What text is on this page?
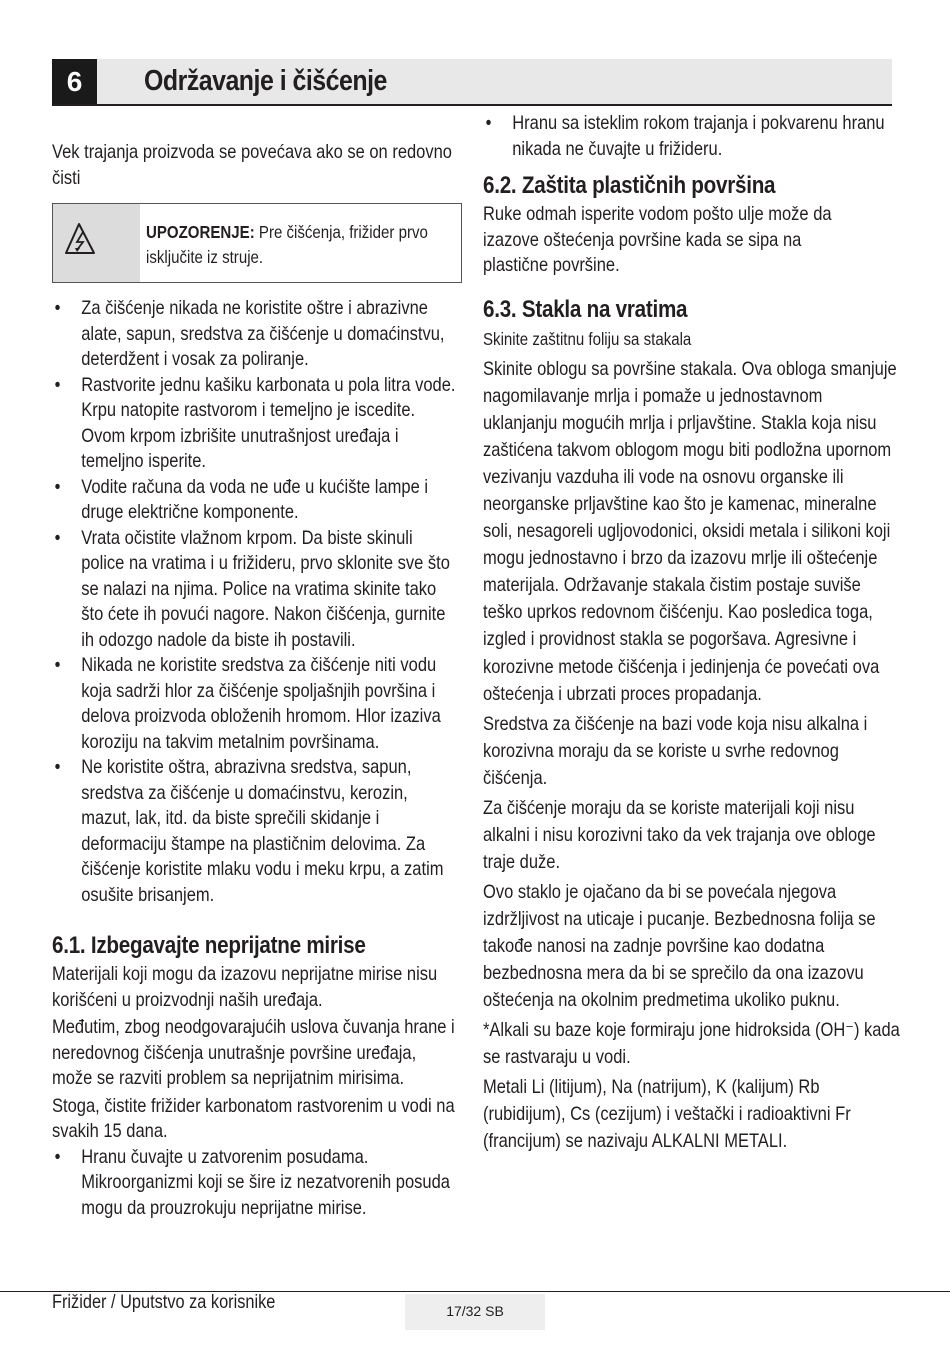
6	Održavanje i čišćenje
Vek trajanja proizvoda se povećava ako se on redovno čisti
UPOZORENJE: Pre čišćenja, frižider prvo isključite iz struje.
• Za čišćenje nikada ne koristite oštre i abrazivne alate, sapun, sredstva za čišćenje u domaćinstvu, deterdžent i vosak za poliranje.
• Rastvorite jednu kašiku karbonata u pola litra vode. Krpu natopite rastvorom i temeljno je iscedite. Ovom krpom izbrišite unutrašnjost uređaja i temeljno isperite.
• Vodite računa da voda ne uđe u kućište lampe i druge električne komponente.
• Vrata očistite vlažnom krpom. Da biste skinuli police na vratima i u frižideru, prvo sklonite sve što se nalazi na njima. Police na vratima skinite tako što ćete ih povući nagore. Nakon čišćenja, gurnite ih odozgo nadole da biste ih postavili.
• Nikada ne koristite sredstva za čišćenje niti vodu koja sadrži hlor za čišćenje spoljašnjih površina i delova proizvoda obloženih hromom. Hlor izaziva koroziju na takvim metalnim površinama.
• Ne koristite oštra, abrazivna sredstva, sapun, sredstva za čišćenje u domaćinstvu, kerozin, mazut, lak, itd. da biste sprečili skidanje i deformaciju štampe na plastičnim delovima. Za čišćenje koristite mlaku vodu i meku krpu, a zatim osušite brisanjem.
6.1. Izbegavajte neprijatne mirise

Materijali koji mogu da izazovu neprijatne mirise nisu korišćeni u proizvodnji naših uređaja.

Međutim, zbog neodgovarajućih uslova čuvanja hrane i neredovnog čišćenja unutrašnje površine uređaja, može se razviti problem sa neprijatnim mirisima.

Stoga, čistite frižider karbonatom rastvorenim u vodi na svakih 15 dana.

• Hranu čuvajte u zatvorenim posudama. Mikroorganizmi koji se šire iz nezatvorenih posuda mogu da prouzrokuju neprijatne mirise.
• Hranu sa isteklim rokom trajanja i pokvarenu hranu nikada ne čuvajte u frižideru.
6.2. Zaštita plastičnih površina
Ruke odmah isperite vodom pošto ulje može da izazove oštećenja površine kada se sipa na plastične površine.
6.3. Stakla na vratima

Skinite zaštitnu foliju sa stakala

Skinite oblogu sa površine stakala. Ova obloga smanjuje nagomilavanje mrlja i pomaže u jednostavnom uklanjanju mogućih mrlja i prljavštine. Stakla koja nisu zaštićena takvom oblogom mogu biti podložna upornom vezivanju vazduha ili vode na osnovu organske ili neorganske prljavštine kao što je kamenac, mineralne soli, nesagoreli ugljovodonici, oksidi metala i silikoni koji mogu jednostavno i brzo da izazovu mrlje ili oštećenje materijala. Održavanje stakala čistim postaje suviše teško uprkos redovnom čišćenju. Kao posledica toga, izgled i providnost stakla se pogoršava. Agresivne i korozivne metode čišćenja i jedinjenja će povećati ova oštećenja i ubrzati proces propadanja.

Sredstva za čišćenje na bazi vode koja nisu alkalna i korozivna moraju da se koriste u svrhe redovnog čišćenja.

Za čišćenje moraju da se koriste materijali koji nisu alkalni i nisu korozivni tako da vek trajanja ove obloge traje duže.

Ovo staklo je ojačano da bi se povećala njegova izdržljivost na uticaje i pucanje. Bezbednosna folija se takođe nanosi na zadnje površine kao dodatna bezbednosna mera da bi se sprečilo da ona izazovu oštećenja na okolnim predmetima ukoliko puknu.

*Alkali su baze koje formiraju jone hidroksida (OH⁻) kada se rastvaraju u vodi.

Metali Li (litijum), Na (natrijum), K (kalijum) Rb (rubidijum), Cs (cezijum) i veštački i radioaktivni Fr (francijum) se nazivaju ALKALNI METALI.

Frižider / Uputstvo za korisnike	17/32 SB
